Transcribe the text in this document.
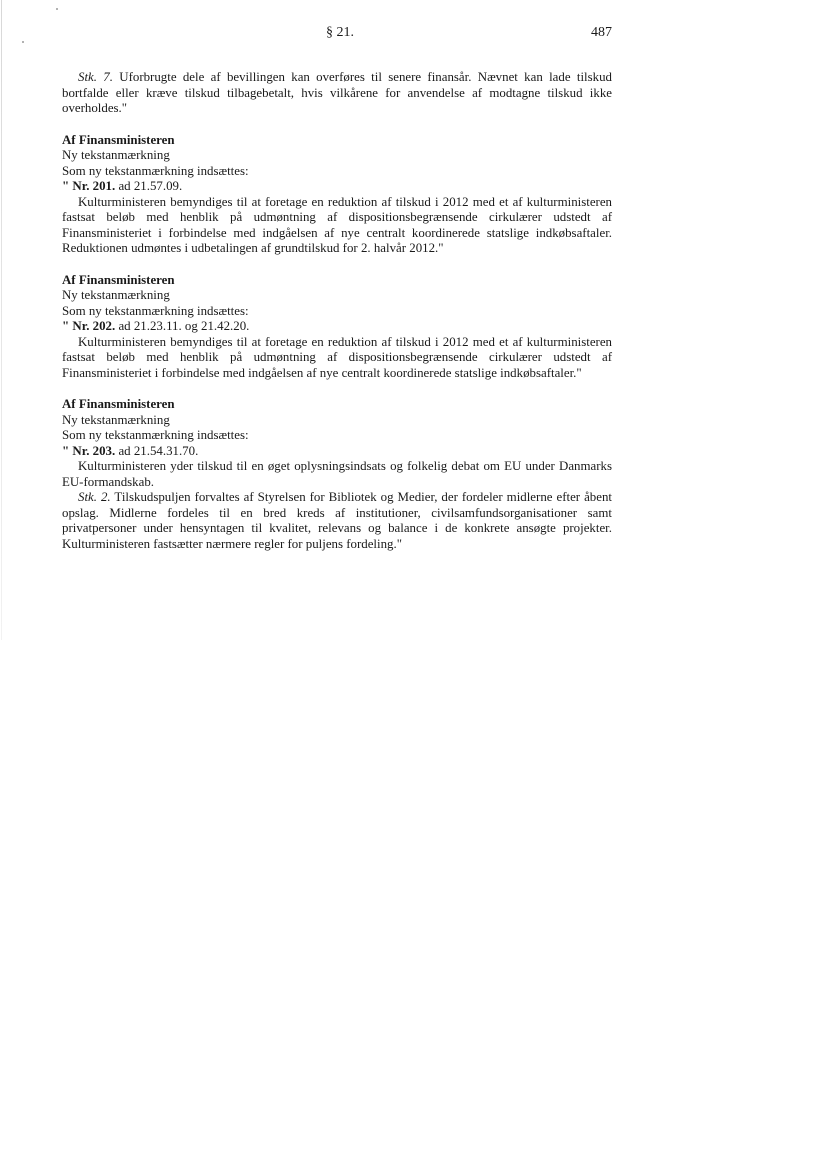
§ 21.	487

Stk. 7. Uforbrugte dele af bevillingen kan overføres til senere finansår. Nævnet kan lade tilskud bortfalde eller kræve tilskud tilbagebetalt, hvis vilkårene for anvendelse af modtagne tilskud ikke overholdes."

Af Finansministeren
Ny tekstanmærkning
Som ny tekstanmærkning indsættes:
" Nr. 201. ad 21.57.09.

Kulturministeren bemyndiges til at foretage en reduktion af tilskud i 2012 med et af kulturministeren fastsat beløb med henblik på udmøntning af dispositionsbegrænsende cirkulærer udstedt af Finansministeriet i forbindelse med indgåelsen af nye centralt koordinerede statslige indkøbsaftaler. Reduktionen udmøntes i udbetalingen af grundtilskud for 2. halvår 2012."

Af Finansministeren
Ny tekstanmærkning
Som ny tekstanmærkning indsættes:
" Nr. 202. ad 21.23.11. og 21.42.20.

Kulturministeren bemyndiges til at foretage en reduktion af tilskud i 2012 med et af kulturministeren fastsat beløb med henblik på udmøntning af dispositionsbegrænsende cirkulærer udstedt af Finansministeriet i forbindelse med indgåelsen af nye centralt koordinerede statslige indkøbsaftaler."

Af Finansministeren
Ny tekstanmærkning
Som ny tekstanmærkning indsættes:
" Nr. 203. ad 21.54.31.70.

Kulturministeren yder tilskud til en øget oplysningsindsats og folkelig debat om EU under Danmarks EU-formandskab.

Stk. 2. Tilskudspuljen forvaltes af Styrelsen for Bibliotek og Medier, der fordeler midlerne efter åbent opslag. Midlerne fordeles til en bred kreds af institutioner, civilsamfundsorganisationer samt privatpersoner under hensyntagen til kvalitet, relevans og balance i de konkrete ansøgte projekter. Kulturministeren fastsætter nærmere regler for puljens fordeling."
